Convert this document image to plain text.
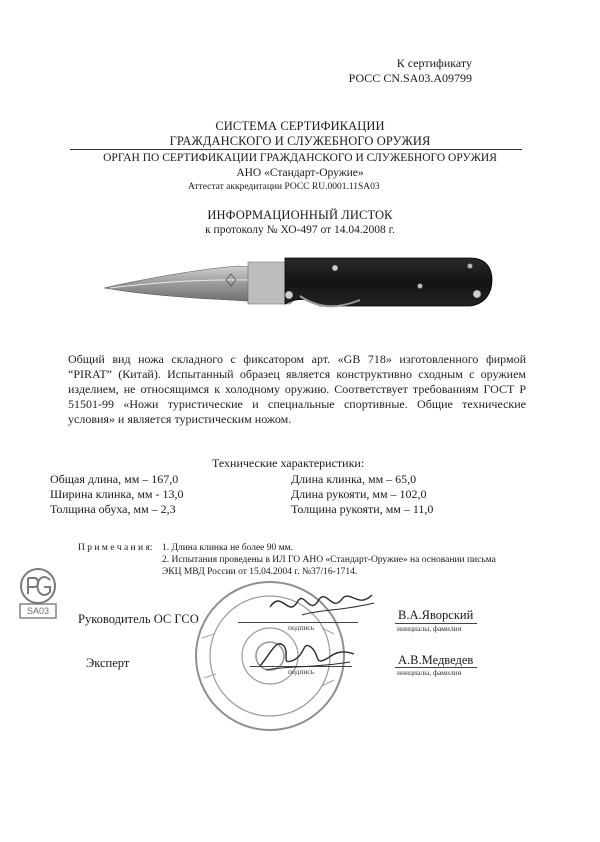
К сертификату
РОСС CN.SA03.A09799
СИСТЕМА СЕРТИФИКАЦИИ
ГРАЖДАНСКОГО И СЛУЖЕБНОГО ОРУЖИЯ
ОРГАН ПО СЕРТИФИКАЦИИ ГРАЖДАНСКОГО И СЛУЖЕБНОГО ОРУЖИЯ
АНО «Стандарт-Оружие»
Аттестат аккредитации РОСС RU.0001.11SA03
ИНФОРМАЦИОННЫЙ ЛИСТОК
к протоколу № ХО-497 от 14.04.2008 г.
Общий вид ножа складного с фиксатором арт. «GB 718» изготовленного фирмой “PIRAT” (Китай). Испытанный образец является конструктивно сходным с оружием изделием, не относящимся к холодному оружию. Соответствует требованиям ГОСТ Р 51501-99 «Ножи туристические и специальные спортивные. Общие технические условия» и является туристическим ножом.
Технические характеристики:
Общая длина, мм – 167,0
Ширина клинка, мм - 13,0
Толщина обуха, мм – 2,3
Длина клинка, мм – 65,0
Длина рукояти, мм – 102,0
Толщина рукояти, мм – 11,0
П р и м е ч а н и я: 1. Длина клинка не более 90 мм.
2. Испытания проведены в ИЛ ГО АНО «Стандарт-Оружие» на основании письма
ЭКЦ МВД России от 15.04.2004 г. №37/16-1714.
SA03
Руководитель ОС ГСО
подпись
В.А.Яворский
инициалы, фамилия
Эксперт
подпись
А.В.Медведев
инициалы, фамилия
